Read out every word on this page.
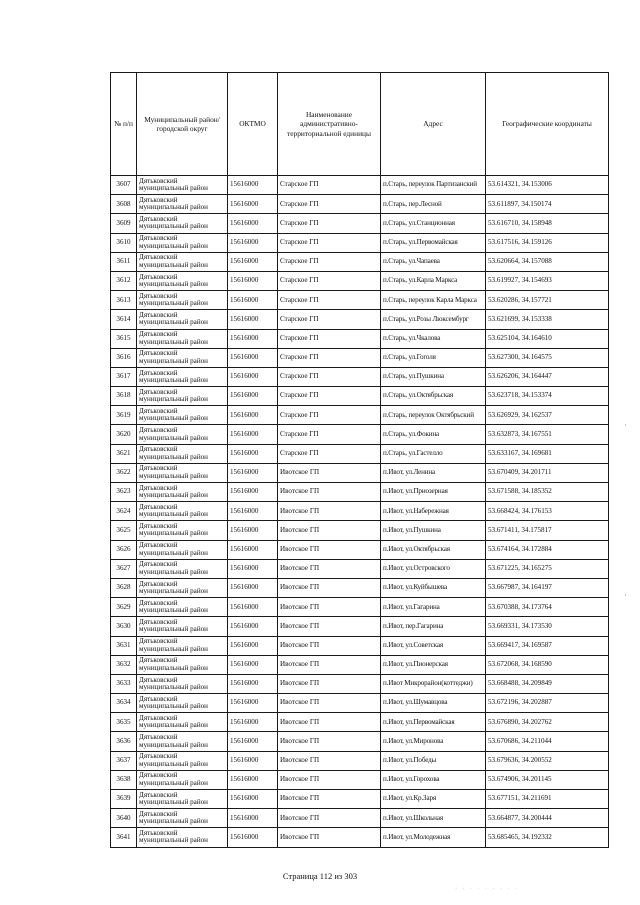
№ п/п	Муниципальный район/городской округ	ОКТМО	Наименование административно-территориальной единицы	Адрес	Географические координаты
3607	Дятьковский муниципальный район	15616000	Старское ГП	п.Старь, переулок Партизанский	53.614321, 34.153006
3608	Дятьковский муниципальный район	15616000	Старское ГП	п.Старь, пер.Лесной	53.611897, 34.150174
3609	Дятьковский муниципальный район	15616000	Старское ГП	п.Старь, ул.Станционная	53.616710, 34.158948
3610	Дятьковский муниципальный район	15616000	Старское ГП	п.Старь, ул.Первомайская	53.617516, 34.159126
3611	Дятьковский муниципальный район	15616000	Старское ГП	п.Старь, ул.Чапаева	53.620664, 34.157088
3612	Дятьковский муниципальный район	15616000	Старское ГП	п.Старь, ул.Карла Маркса	53.619927, 34.154693
3613	Дятьковский муниципальный район	15616000	Старское ГП	п.Старь, переулок Карла Маркса	53.620286, 34.157721
3614	Дятьковский муниципальный район	15616000	Старское ГП	п.Старь, ул.Розы Люксембург	53.621699, 34.153338
3615	Дятьковский муниципальный район	15616000	Старское ГП	п.Старь, ул.Чкалова	53.625104, 34.164610
3616	Дятьковский муниципальный район	15616000	Старское ГП	п.Старь, ул.Гоголя	53.627300, 34.164575
3617	Дятьковский муниципальный район	15616000	Старское ГП	п.Старь, ул.Пушкина	53.626206, 34.164447
3618	Дятьковский муниципальный район	15616000	Старское ГП	п.Старь, ул.Октябрьская	53.623718, 34.153374
3619	Дятьковский муниципальный район	15616000	Старское ГП	п.Старь, переулок Октябрьский	53.626929, 34.162537
3620	Дятьковский муниципальный район	15616000	Старское ГП	п.Старь, ул.Фокина	53.632873, 34.167551
3621	Дятьковский муниципальный район	15616000	Старское ГП	п.Старь, ул.Гастелло	53.633167, 34.169681
3622	Дятьковский муниципальный район	15616000	Ивотское ГП	п.Ивот, ул.Ленина	53.670409, 34.201711
3623	Дятьковский муниципальный район	15616000	Ивотское ГП	п.Ивот, ул.Приозерная	53.671588, 34.185352
3624	Дятьковский муниципальный район	15616000	Ивотское ГП	п.Ивот, ул.Набережная	53.668424, 34.176153
3625	Дятьковский муниципальный район	15616000	Ивотское ГП	п.Ивот, ул.Пушкина	53.671411, 34.175817
3626	Дятьковский муниципальный район	15616000	Ивотское ГП	п.Ивот, ул.Октябрьская	53.674164, 34.172884
3627	Дятьковский муниципальный район	15616000	Ивотское ГП	п.Ивот, ул.Островского	53.671225, 34.165275
3628	Дятьковский муниципальный район	15616000	Ивотское ГП	п.Ивот, ул.Куйбышева	53.667987, 34.164197
3629	Дятьковский муниципальный район	15616000	Ивотское ГП	п.Ивот, ул.Гагарина	53.670388, 34.173764
3630	Дятьковский муниципальный район	15616000	Ивотское ГП	п.Ивот, пер.Гагарина	53.669331, 34.173530
3631	Дятьковский муниципальный район	15616000	Ивотское ГП	п.Ивот, ул.Советская	53.669417, 34.169587
3632	Дятьковский муниципальный район	15616000	Ивотское ГП	п.Ивот, ул.Пионерская	53.672068, 34.168590
3633	Дятьковский муниципальный район	15616000	Ивотское ГП	п.Ивот Микрорайон(коттеджи)	53.668488, 34.209849
3634	Дятьковский муниципальный район	15616000	Ивотское ГП	п.Ивот, ул.Шумавцова	53.672196, 34.202887
3635	Дятьковский муниципальный район	15616000	Ивотское ГП	п.Ивот, ул.Первомайская	53.676890, 34.202762
3636	Дятьковский муниципальный район	15616000	Ивотское ГП	п.Ивот, ул.Миронова	53.670686, 34.211044
3637	Дятьковский муниципальный район	15616000	Ивотское ГП	п.Ивот, ул.Победы	53.679636, 34.200552
3638	Дятьковский муниципальный район	15616000	Ивотское ГП	п.Ивот, ул.Горохова	53.674906, 34.201145
3639	Дятьковский муниципальный район	15616000	Ивотское ГП	п.Ивот, ул.Кр.Заря	53.677151, 34.211691
3640	Дятьковский муниципальный район	15616000	Ивотское ГП	п.Ивот, ул.Школьная	53.664877, 34.200444
3641	Дятьковский муниципальный район	15616000	Ивотское ГП	п.Ивот, ул.Молодежная	53.685465, 34.192332
Страница 112 из 303
· · · · · · · · ·
·
·
